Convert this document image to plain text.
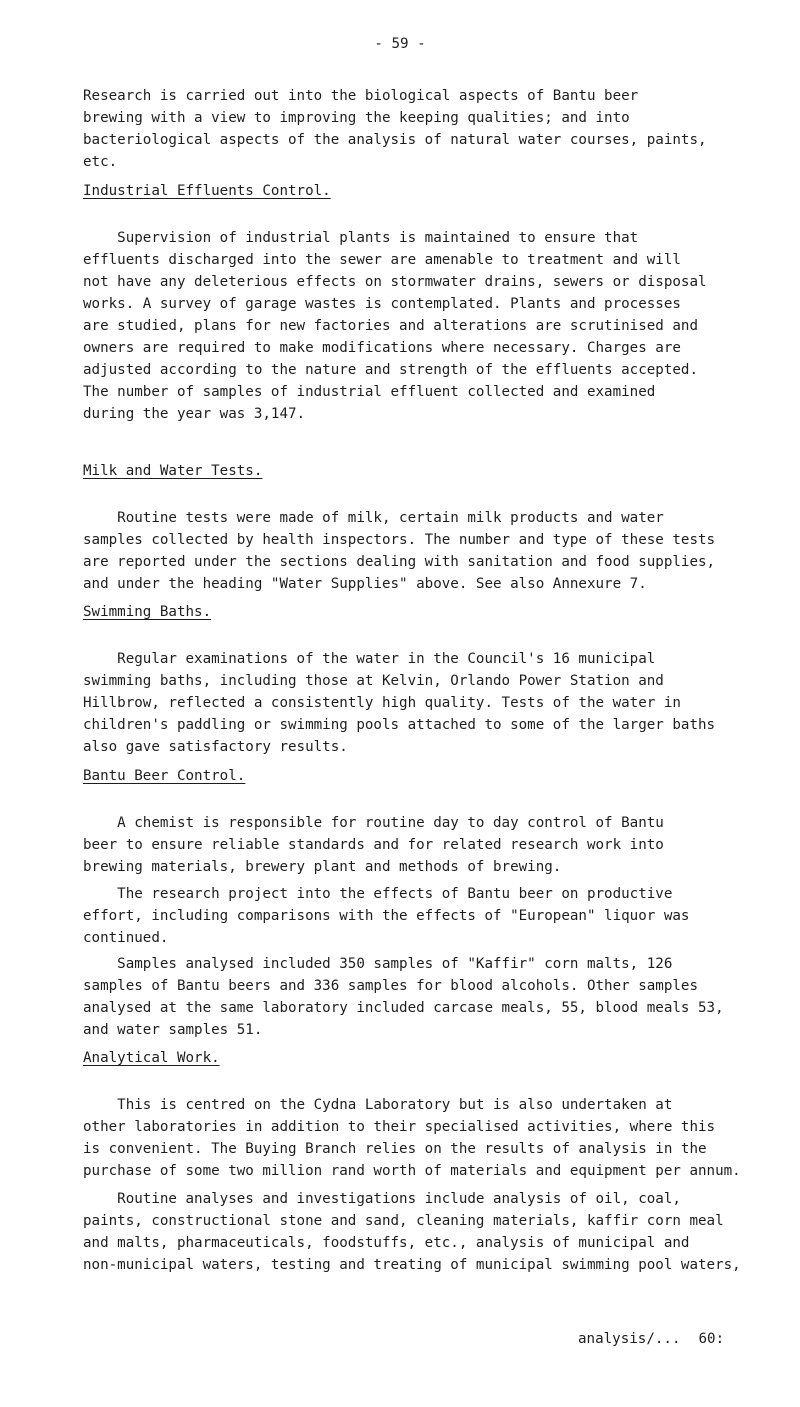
- 59 -
Research is carried out into the biological aspects of Bantu beer
brewing with a view to improving the keeping qualities; and into
bacteriological aspects of the analysis of natural water courses, paints,
etc.
Industrial Effluents Control.
Supervision of industrial plants is maintained to ensure that
effluents discharged into the sewer are amenable to treatment and will
not have any deleterious effects on stormwater drains, sewers or disposal
works. A survey of garage wastes is contemplated. Plants and processes
are studied, plans for new factories and alterations are scrutinised and
owners are required to make modifications where necessary. Charges are
adjusted according to the nature and strength of the effluents accepted.
The number of samples of industrial effluent collected and examined
during the year was 3,147.
Milk and Water Tests.
Routine tests were made of milk, certain milk products and water
samples collected by health inspectors. The number and type of these tests
are reported under the sections dealing with sanitation and food supplies,
and under the heading "Water Supplies" above. See also Annexure 7.
Swimming Baths.
Regular examinations of the water in the Council's 16 municipal
swimming baths, including those at Kelvin, Orlando Power Station and
Hillbrow, reflected a consistently high quality. Tests of the water in
children's paddling or swimming pools attached to some of the larger baths
also gave satisfactory results.
Bantu Beer Control.
A chemist is responsible for routine day to day control of Bantu
beer to ensure reliable standards and for related research work into
brewing materials, brewery plant and methods of brewing.
The research project into the effects of Bantu beer on productive
effort, including comparisons with the effects of "European" liquor was
continued.
Samples analysed included 350 samples of "Kaffir" corn malts, 126
samples of Bantu beers and 336 samples for blood alcohols. Other samples
analysed at the same laboratory included carcase meals, 55, blood meals 53,
and water samples 51.
Analytical Work.
This is centred on the Cydna Laboratory but is also undertaken at
other laboratories in addition to their specialised activities, where this
is convenient. The Buying Branch relies on the results of analysis in the
purchase of some two million rand worth of materials and equipment per annum.
Routine analyses and investigations include analysis of oil, coal,
paints, constructional stone and sand, cleaning materials, kaffir corn meal
and malts, pharmaceuticals, foodstuffs, etc., analysis of municipal and
non-municipal waters, testing and treating of municipal swimming pool waters,
analysis/... 60:
